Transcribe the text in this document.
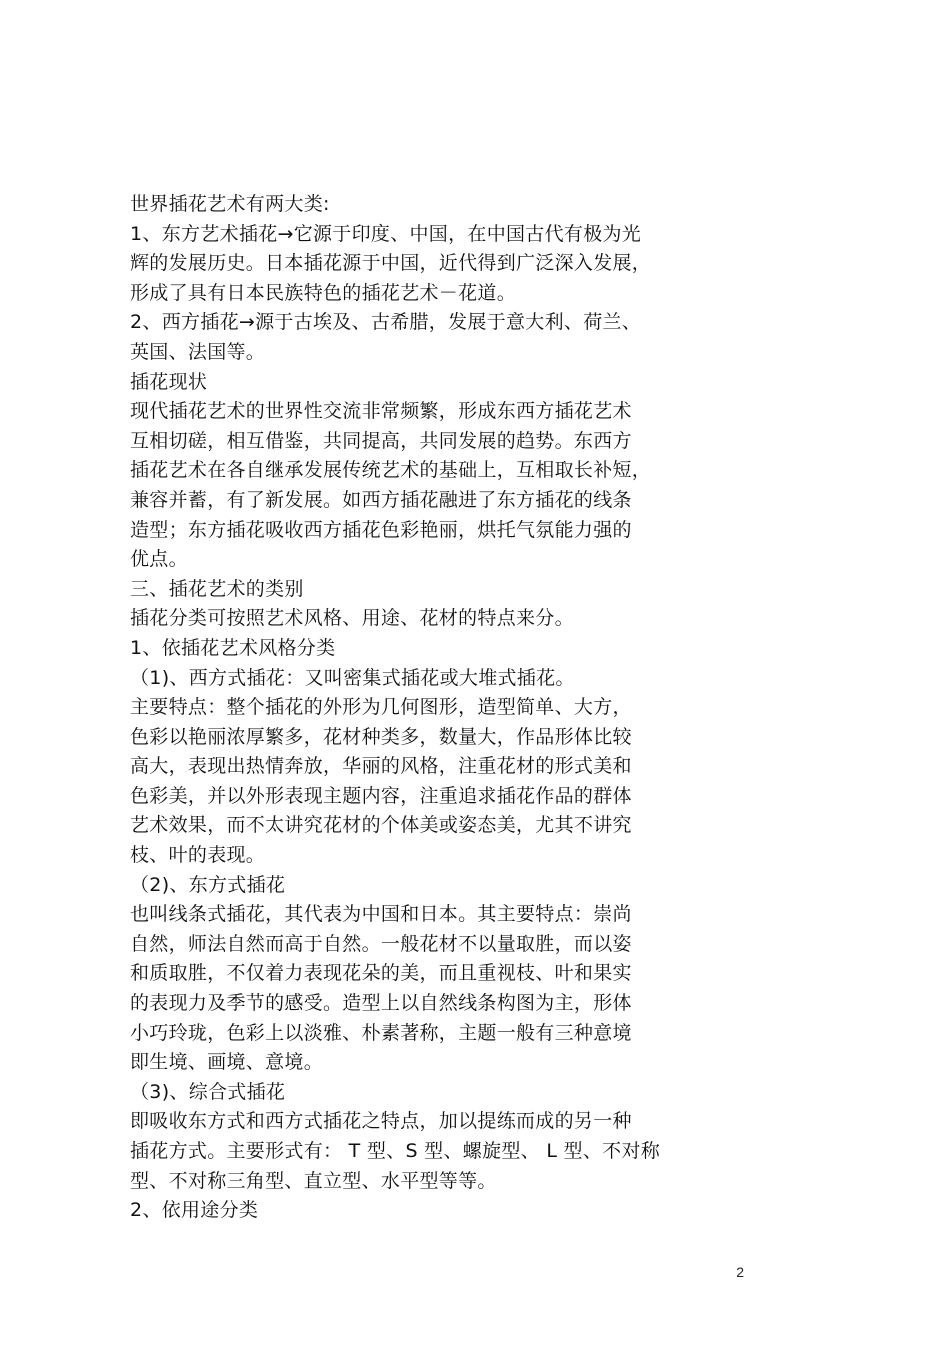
世界插花艺术有两大类:
1、东方艺术插花→它源于印度、中国，在中国古代有极为光
辉的发展历史。日本插花源于中国，近代得到广泛深入发展，
形成了具有日本民族特色的插花艺术－花道。
2、西方插花→源于古埃及、古希腊，发展于意大利、荷兰、
英国、法国等。
插花现状
现代插花艺术的世界性交流非常频繁，形成东西方插花艺术
互相切磋，相互借鉴，共同提高，共同发展的趋势。东西方
插花艺术在各自继承发展传统艺术的基础上，互相取长补短，
兼容并蓄，有了新发展。如西方插花融进了东方插花的线条
造型；东方插花吸收西方插花色彩艳丽，烘托气氛能力强的
优点。
三、插花艺术的类别
插花分类可按照艺术风格、用途、花材的特点来分。
1、依插花艺术风格分类
（1)、西方式插花：又叫密集式插花或大堆式插花。
主要特点：整个插花的外形为几何图形，造型简单、大方，
色彩以艳丽浓厚繁多，花材种类多，数量大，作品形体比较
高大，表现出热情奔放，华丽的风格，注重花材的形式美和
色彩美，并以外形表现主题内容，注重追求插花作品的群体
艺术效果，而不太讲究花材的个体美或姿态美，尤其不讲究
枝、叶的表现。
（2)、东方式插花
也叫线条式插花，其代表为中国和日本。其主要特点：崇尚
自然，师法自然而高于自然。一般花材不以量取胜，而以姿
和质取胜，不仅着力表现花朵的美，而且重视枝、叶和果实
的表现力及季节的感受。造型上以自然线条构图为主，形体
小巧玲珑，色彩上以淡雅、朴素著称，主题一般有三种意境
即生境、画境、意境。
（3)、综合式插花
即吸收东方式和西方式插花之特点，加以提练而成的另一种
插花方式。主要形式有： T 型、S 型、螺旋型、 L 型、不对称
型、不对称三角型、直立型、水平型等等。
2、依用途分类
2
